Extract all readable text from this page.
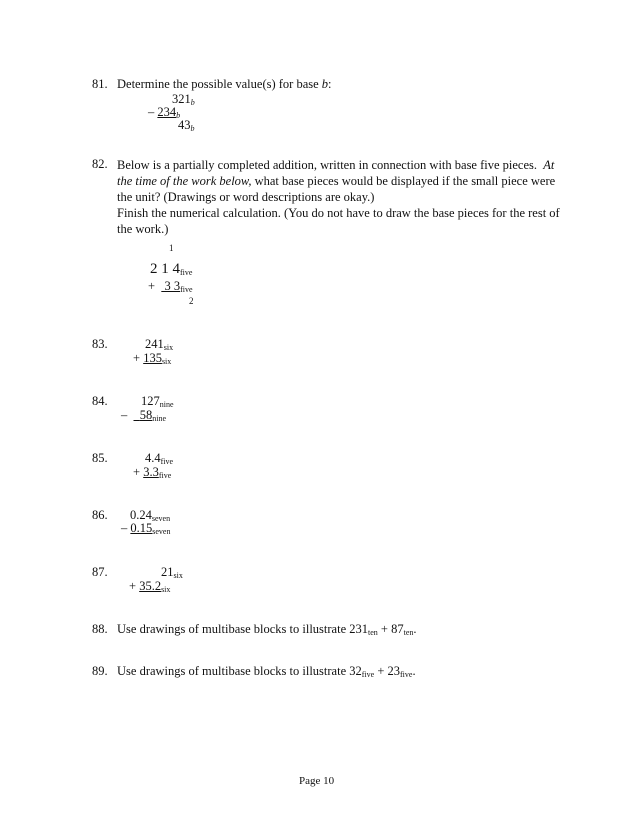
81. Determine the possible value(s) for base b:
321b
– 234b
43b
82. Below is a partially completed addition, written in connection with base five pieces. At the time of the work below, what base pieces would be displayed if the small piece were the unit? (Drawings or word descriptions are okay.)
Finish the numerical calculation. (You do not have to draw the base pieces for the rest of the work.)
1
2 1 4five
+   3 3five
2
83.	241six
+ 135six
84.	127nine
– 58nine
85.	4.4five
+ 3.3five
86. 0.24seven
– 0.15seven
87.	21six
+ 35.2six
88. Use drawings of multibase blocks to illustrate 231ten + 87ten.
89. Use drawings of multibase blocks to illustrate 32five + 23five.
Page 10
